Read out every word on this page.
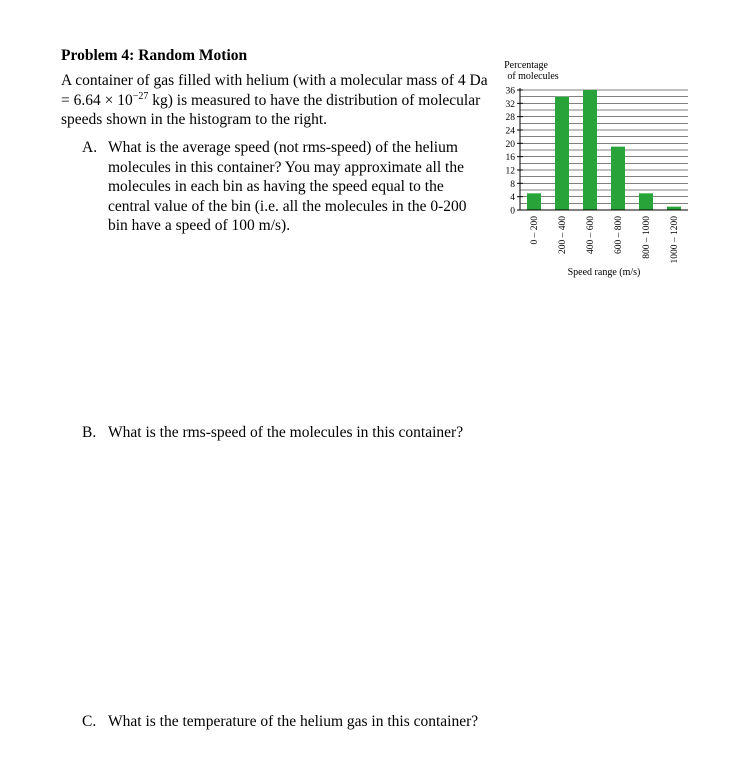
Problem 4: Random Motion
A container of gas filled with helium (with a molecular mass of 4 $Da = 6.64 \times 10^{-27}$ kg) is measured to have the distribution of molecular speeds shown in the histogram to the right.
A. What is the average speed (not rms-speed) of the helium molecules in this container? You may approximate all the molecules in each bin as having the speed equal to the central value of the bin (i.e. all the molecules in the 0-200 bin have a speed of 100 m/s).
B. What is the rms-speed of the molecules in this container?
C. What is the temperature of the helium gas in this container?
Percentage
of molecules
0
4
8
12
16
20
24
28
32
36
0 – 200 200 – 400 400 – 600 600 – 800 800 – 1000 1000 – 1200
Speed range (m/s)
